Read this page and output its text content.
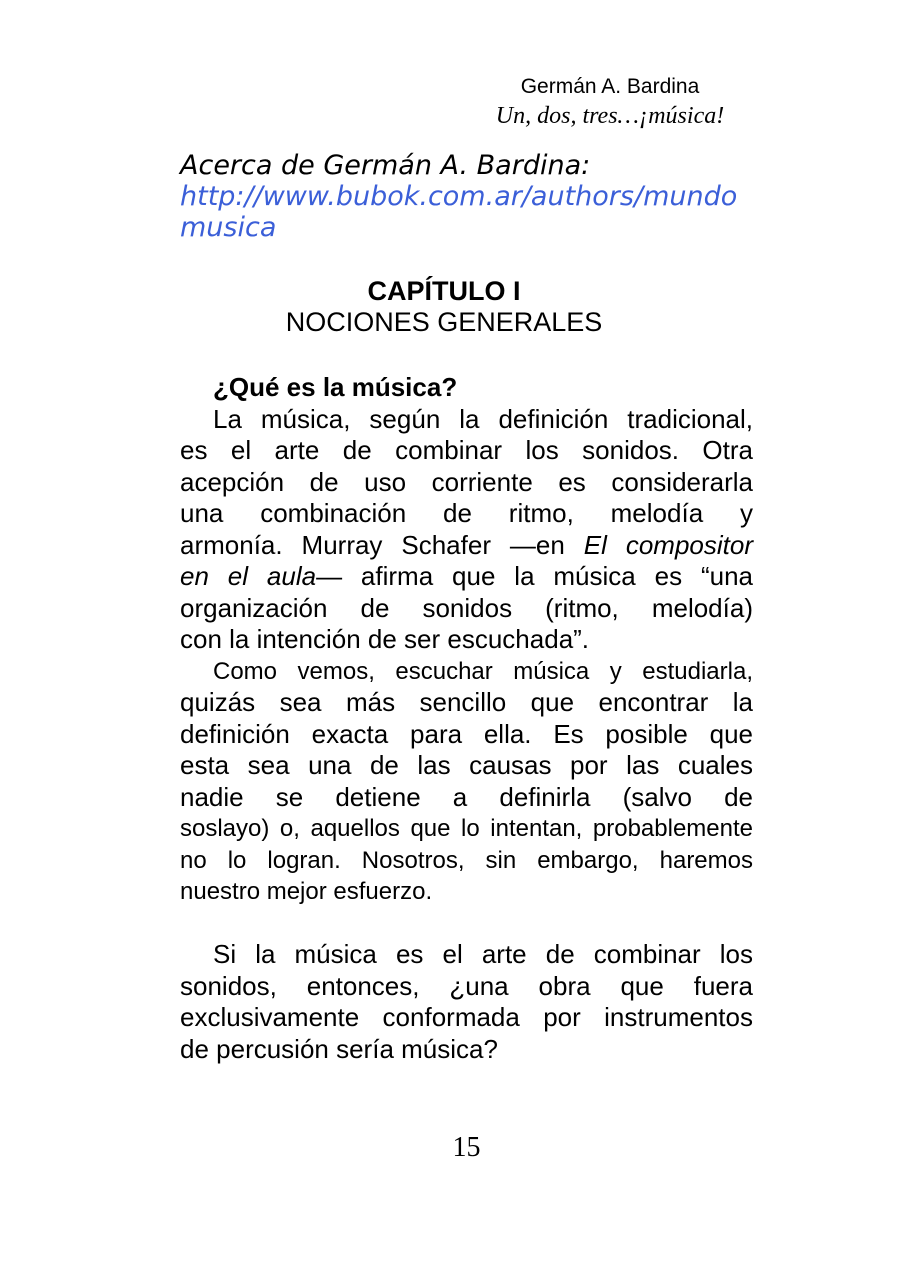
Germán A. Bardina
Un, dos, tres…¡música!
Acerca de Germán A. Bardina:
http://www.bubok.com.ar/authors/mundo
musica
CAPÍTULO I
NOCIONES GENERALES
¿Qué es la música?
La música, según la definición tradicional,
es el arte de combinar los sonidos. Otra
acepción de uso corriente es considerarla
una combinación de ritmo, melodía y
armonía. Murray Schafer —en El compositor
en el aula— afirma que la música es “una
organización de sonidos (ritmo, melodía)
con la intención de ser escuchada”.
Como vemos, escuchar música y estudiarla,
quizás sea más sencillo que encontrar la
definición exacta para ella. Es posible que
esta sea una de las causas por las cuales
nadie se detiene a definirla (salvo de
soslayo) o, aquellos que lo intentan, probablemente
no lo logran. Nosotros, sin embargo, haremos
nuestro mejor esfuerzo.

Si la música es el arte de combinar los
sonidos, entonces, ¿una obra que fuera
exclusivamente conformada por instrumentos
de percusión sería música?
15
